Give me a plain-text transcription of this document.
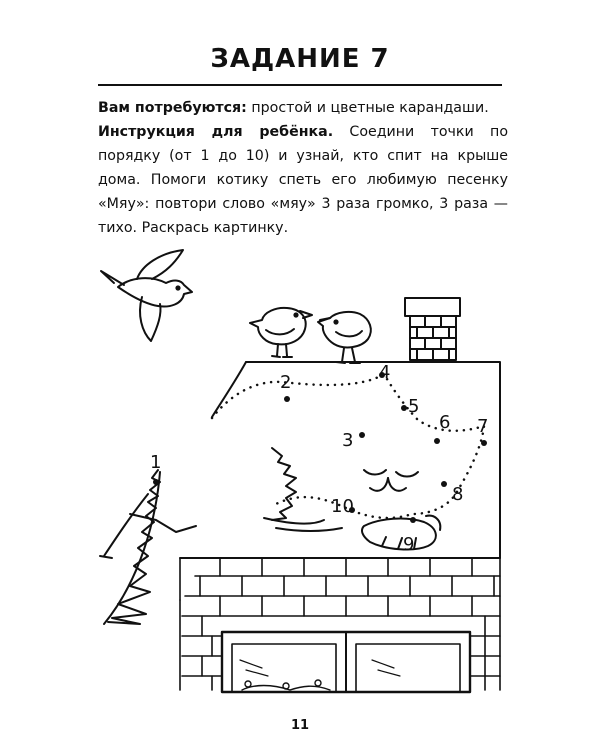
ЗАДАНИЕ 7

Вам потребуются: простой и цветные карандаши.

Инструкция для ребёнка. Соедини точки по порядку (от 1 до 10) и узнай, кто спит на крыше дома. Помоги котику спеть его любимую песенку «Мяу»: повтори слово «мяу» 3 раза громко, 3 раза — тихо. Раскрась картинку.

1
2
3
4
5
6 7
8
9
10
11
